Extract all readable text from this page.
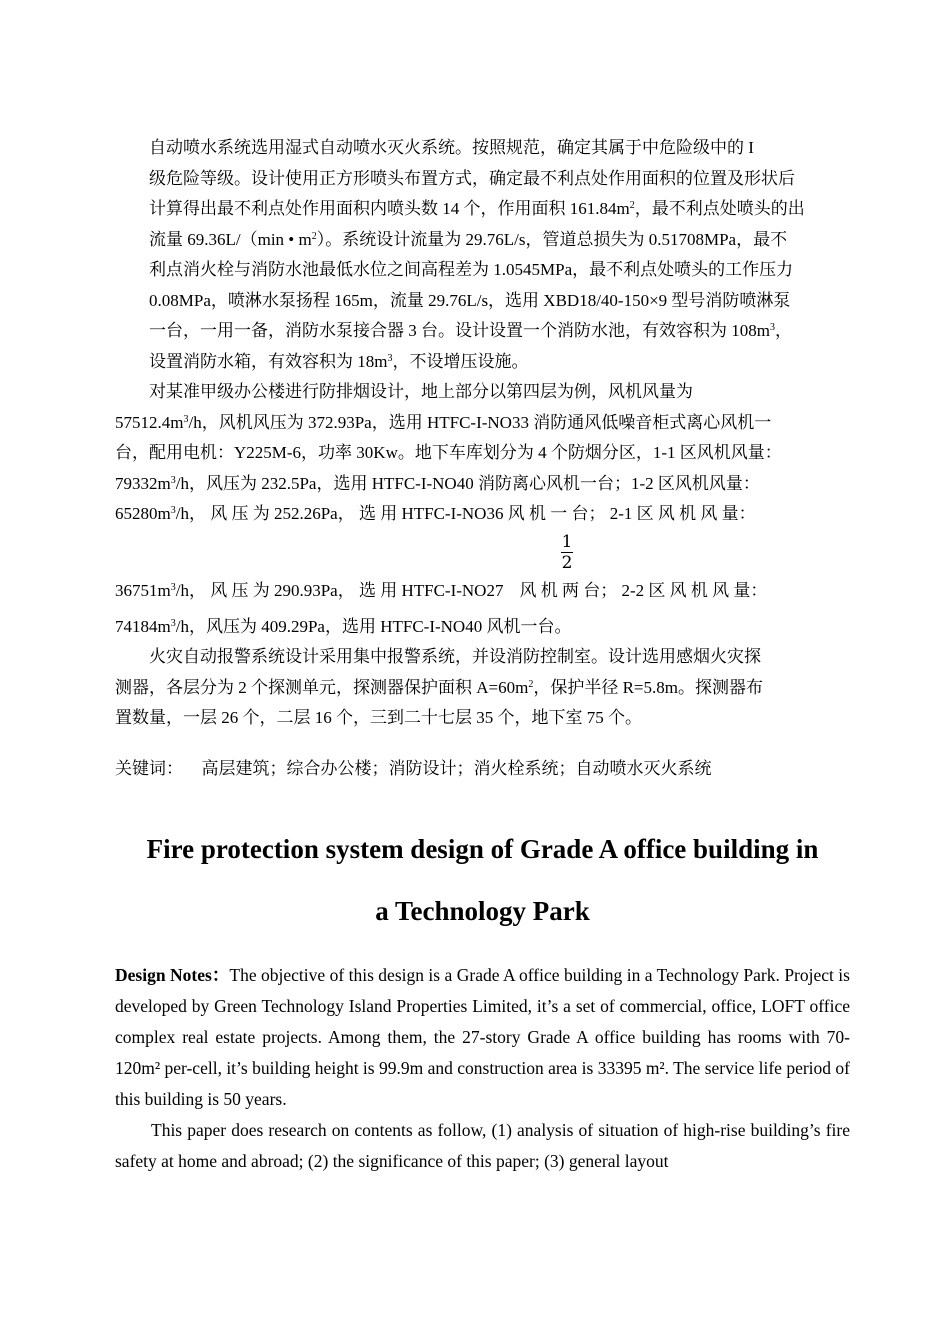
自动喷水系统选用湿式自动喷水灭火系统。按照规范，确定其属于中危险级中的 I
级危险等级。设计使用正方形喷头布置方式，确定最不利点处作用面积的位置及形状后
计算得出最不利点处作用面积内喷头数 14 个，作用面积 $161.84m^2$，最不利点处喷头的出
流量 69.36L/（min • $m^2$）。系统设计流量为 29.76L/s，管道总损失为 0.51708MPa，最不
利点消火栓与消防水池最低水位之间高程差为 1.0545MPa，最不利点处喷头的工作压力
0.08MPa，喷淋水泵扬程 165m，流量 29.76L/s，选用 XBD18/40-150×9 型号消防喷淋泵
一台，一用一备，消防水泵接合器 3 台。设计设置一个消防水池，有效容积为 $108m^3$，
设置消防水箱，有效容积为 $18m^3$，不设增压设施。
对某准甲级办公楼进行防排烟设计，地上部分以第四层为例，风机风量为
$57512.4m^3/h$，风机风压为 372.93Pa，选用 HTFC-I-NO33 消防通风低噪音柜式离心风机一
台，配用电机：Y225M-6，功率 30Kw。地下车库划分为 4 个防烟分区，1-1 区风机风量：
$79332m^3/h$，风压为 232.5Pa，选用 HTFC-I-NO40 消防离心风机一台；1-2 区风机风量：
$65280m^3/h$， 风 压 为 252.26Pa， 选 用 HTFC-I-NO36 风 机 一 台； 2-1 区 风 机 风 量：
$\frac{1}{2}$
$36751m^3/h$， 风 压 为 290.93Pa， 选 用 HTFC-I-NO27 风 机 两 台； 2-2 区 风 机 风 量：
$74184m^3/h$，风压为 409.29Pa，选用 HTFC-I-NO40 风机一台。
火灾自动报警系统设计采用集中报警系统，并设消防控制室。设计选用感烟火灾探
测器，各层分为 2 个探测单元，探测器保护面积 $A=60m^2$，保护半径 R=5.8m。探测器布
置数量，一层 26 个，二层 16 个，三到二十七层 35 个，地下室 75 个。
关键词： 高层建筑；综合办公楼；消防设计；消火栓系统；自动喷水灭火系统
Fire protection system design of Grade A office building in
a Technology Park

Design Notes：The objective of this design is a Grade A office building in a Technology Park. Project is developed by Green Technology Island Properties Limited, it’s a set of commercial, office, LOFT office complex real estate projects. Among them, the 27-story Grade A office building has rooms with 70-120m² per-cell, it’s building height is 99.9m and construction area is 33395 m². The service life period of this building is 50 years.

This paper does research on contents as follow, (1) analysis of situation of high-rise building’s fire safety at home and abroad; (2) the significance of this paper; (3) general layout
